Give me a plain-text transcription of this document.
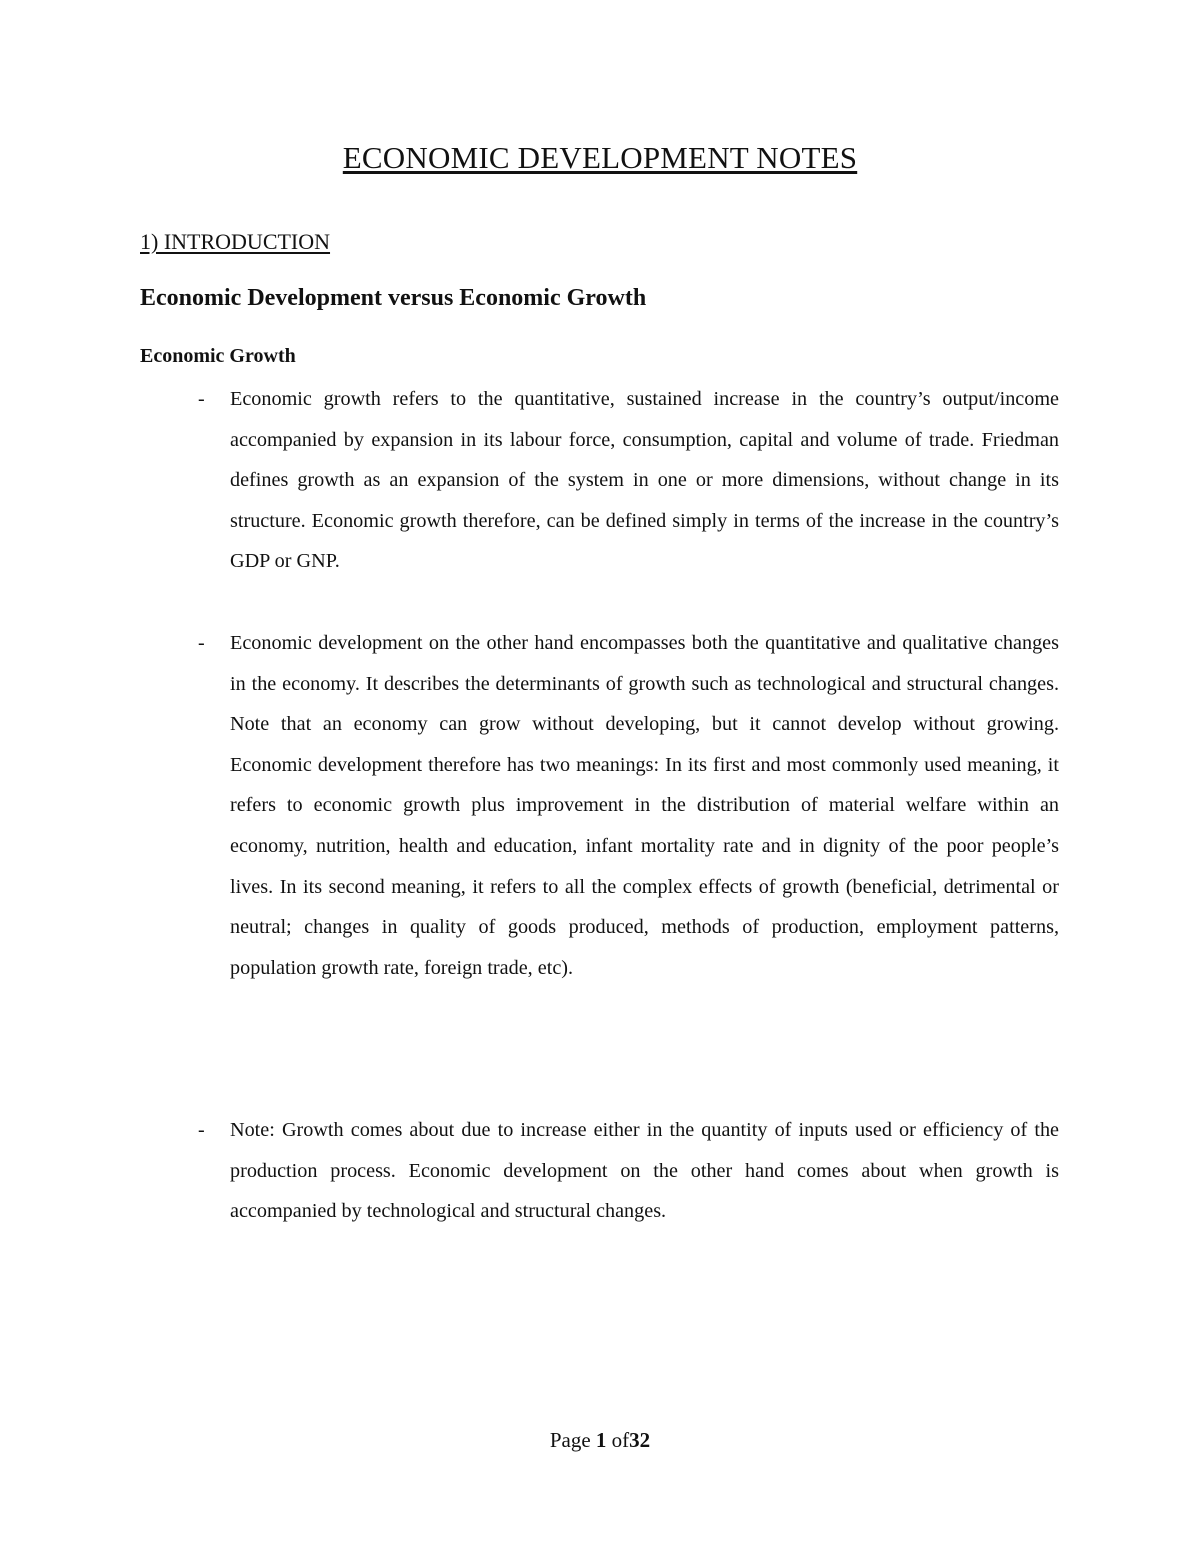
ECONOMIC DEVELOPMENT NOTES
1) INTRODUCTION
Economic Development versus Economic Growth
Economic Growth
- Economic growth refers to the quantitative, sustained increase in the country’s output/income accompanied by expansion in its labour force, consumption, capital and volume of trade. Friedman defines growth as an expansion of the system in one or more dimensions, without change in its structure. Economic growth therefore, can be defined simply in terms of the increase in the country’s GDP or GNP.
- Economic development on the other hand encompasses both the quantitative and qualitative changes in the economy. It describes the determinants of growth such as technological and structural changes. Note that an economy can grow without developing, but it cannot develop without growing. Economic development therefore has two meanings: In its first and most commonly used meaning, it refers to economic growth plus improvement in the distribution of material welfare within an economy, nutrition, health and education, infant mortality rate and in dignity of the poor people’s lives. In its second meaning, it refers to all the complex effects of growth (beneficial, detrimental or neutral; changes in quality of goods produced, methods of production, employment patterns, population growth rate, foreign trade, etc).
- Note: Growth comes about due to increase either in the quantity of inputs used or efficiency of the production process. Economic development on the other hand comes about when growth is accompanied by technological and structural changes.
Page 1 of32
